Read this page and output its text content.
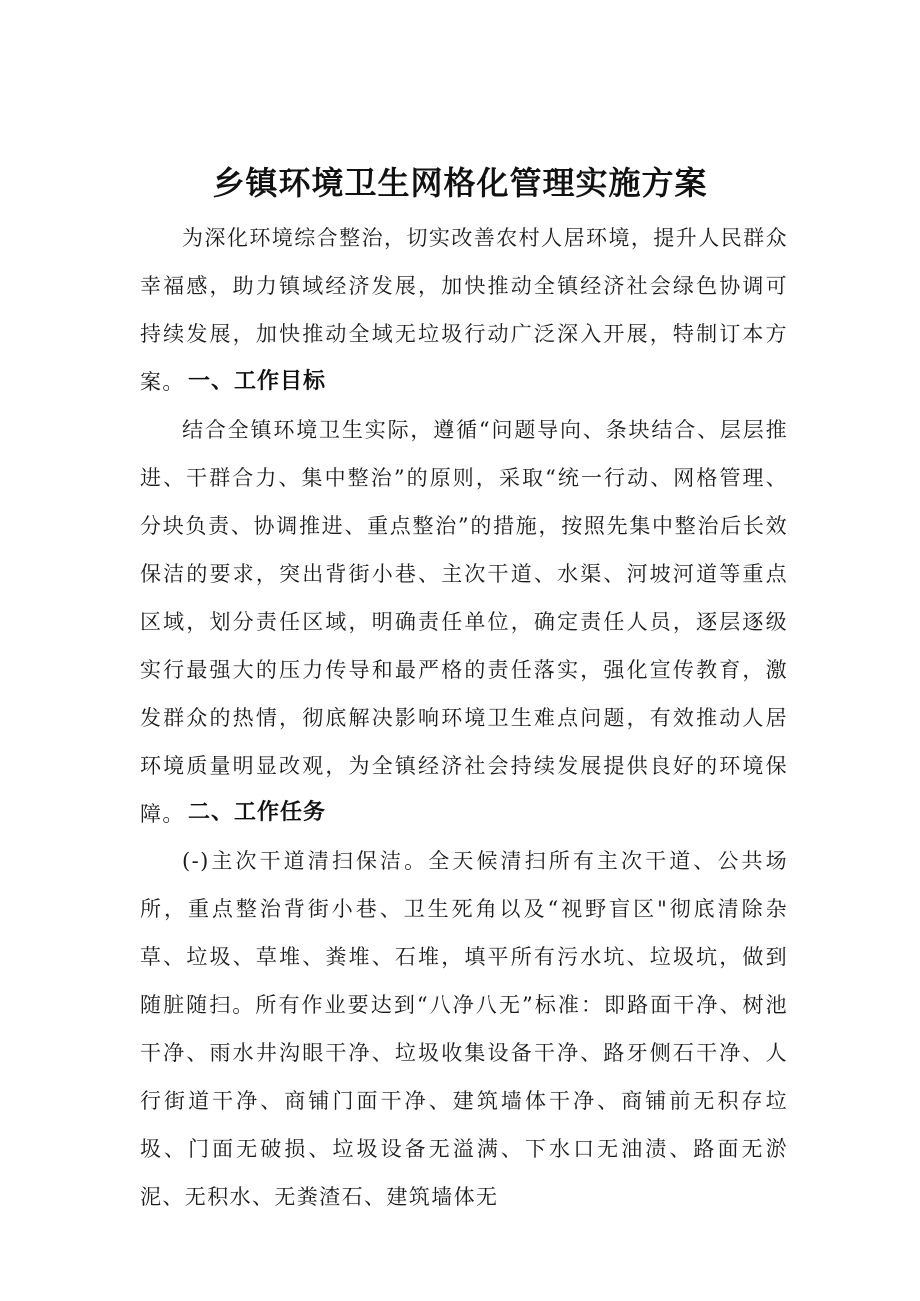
乡镇环境卫生网格化管理实施方案

为深化环境综合整治，切实改善农村人居环境，提升人民群众幸福感，助力镇域经济发展，加快推动全镇经济社会绿色协调可持续发展，加快推动全域无垃圾行动广泛深入开展，特制订本方案。 一、工作目标

结合全镇环境卫生实际，遵循“问题导向、条块结合、层层推进、干群合力、集中整治”的原则，采取“统一行动、网格管理、分块负责、协调推进、重点整治”的措施，按照先集中整治后长效保洁的要求，突出背街小巷、主次干道、水渠、河坡河道等重点区域，划分责任区域，明确责任单位，确定责任人员，逐层逐级实行最强大的压力传导和最严格的责任落实，强化宣传教育，激发群众的热情，彻底解决影响环境卫生难点问题，有效推动人居环境质量明显改观，为全镇经济社会持续发展提供良好的环境保障。 二、工作任务

(-)主次干道清扫保洁。全天候清扫所有主次干道、公共场所，重点整治背街小巷、卫生死角以及“视野盲区"彻底清除杂草、垃圾、草堆、粪堆、石堆，填平所有污水坑、垃圾坑，做到随脏随扫。所有作业要达到“八净八无”标准：即路面干净、树池干净、雨水井沟眼干净、垃圾收集设备干净、路牙侧石干净、人行街道干净、商铺门面干净、建筑墙体干净、商铺前无积存垃圾、门面无破损、垃圾设备无溢满、下水口无油渍、路面无淤泥、无积水、无粪渣石、建筑墙体无
